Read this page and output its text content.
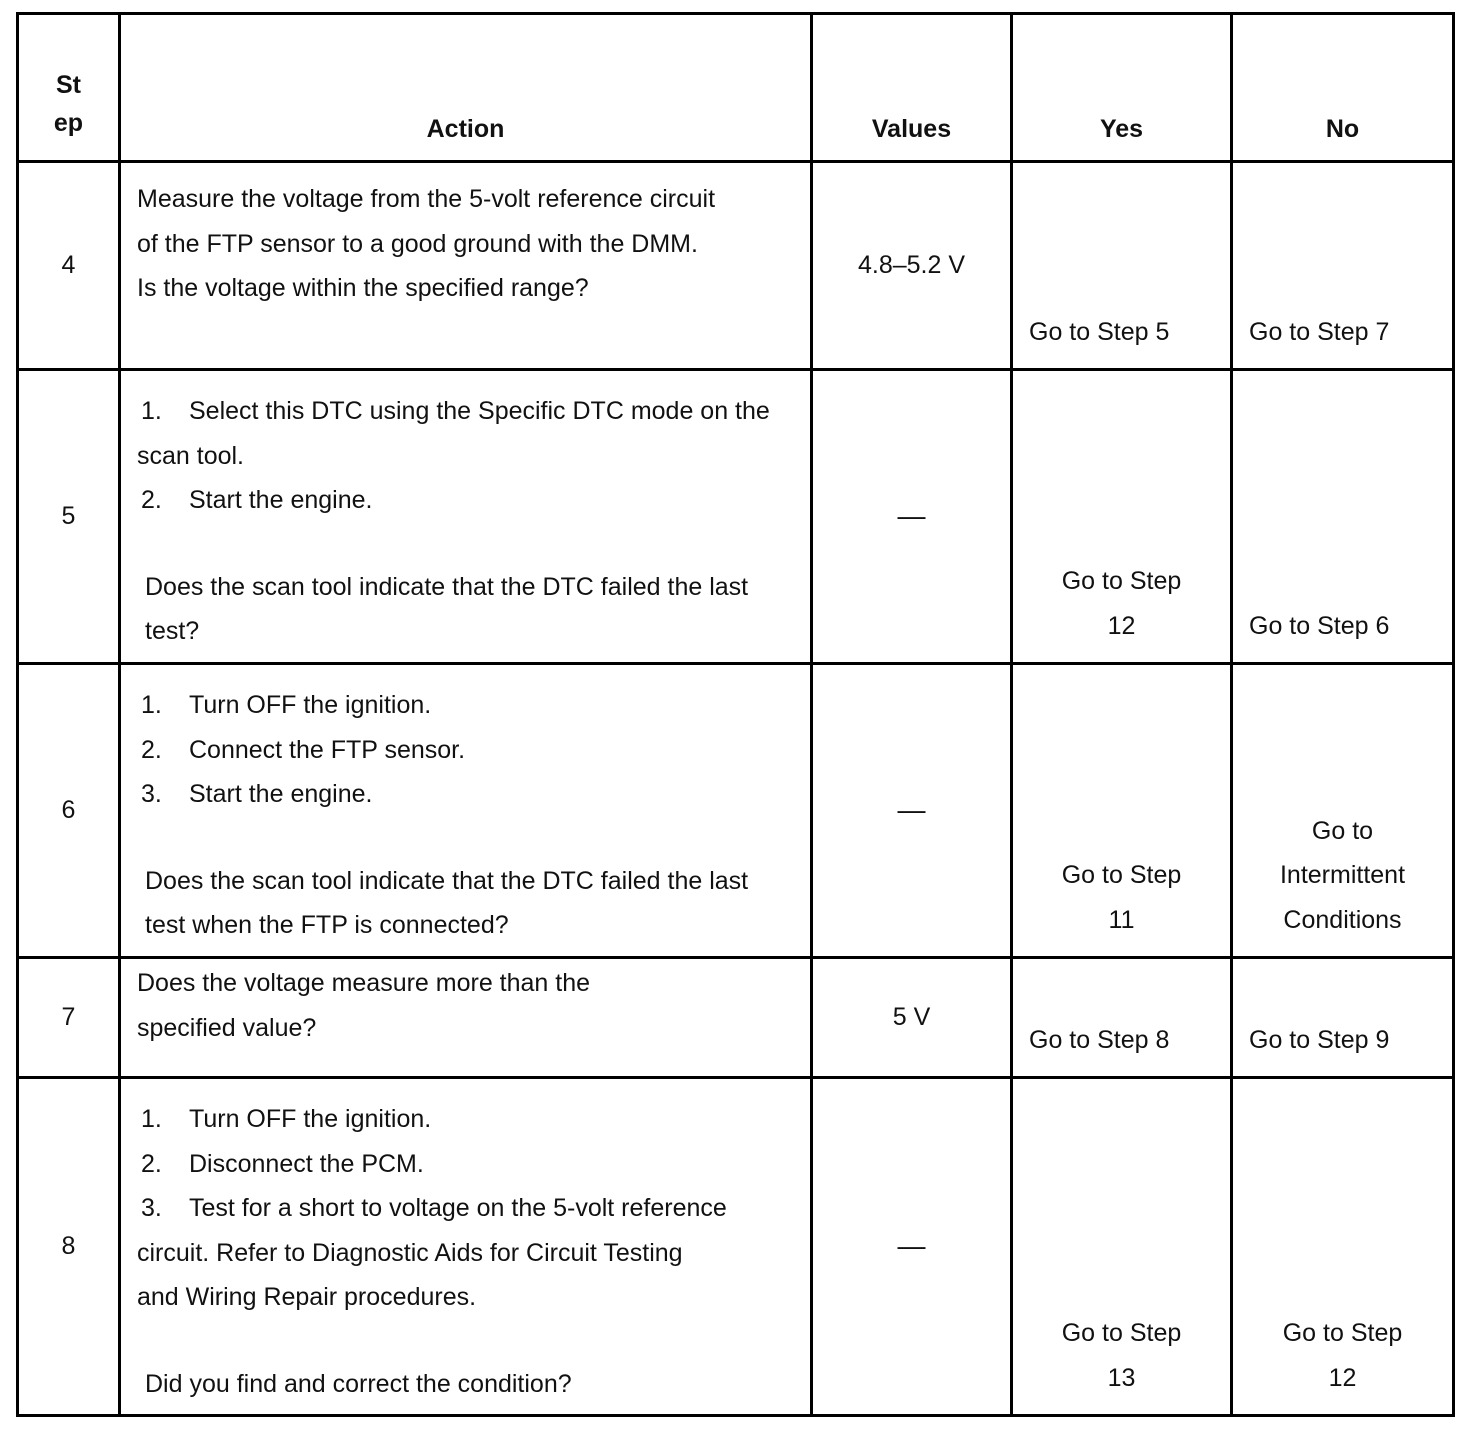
St
ep	Action	Values	Yes	No
4	Measure the voltage from the 5-volt reference circuit of the FTP sensor to a good ground with the DMM. Is the voltage within the specified range?	4.8–5.2 V	Go to Step 5	Go to Step 7
5	1. Select this DTC using the Specific DTC mode on the scan tool.

2. Start the engine.

Does the scan tool indicate that the DTC failed the last test?	—	Go to Step 12	Go to Step 6
6	1. Turn OFF the ignition.

2. Connect the FTP sensor.

3. Start the engine.

Does the scan tool indicate that the DTC failed the last test when the FTP is connected?	—	Go to Step 11	Go to Intermittent Conditions
7	Does the voltage measure more than the specified value?	5 V	Go to Step 8	Go to Step 9
8	1. Turn OFF the ignition.

2. Disconnect the PCM.

3. Test for a short to voltage on the 5-volt reference circuit. Refer to Diagnostic Aids for Circuit Testing and Wiring Repair procedures.

Did you find and correct the condition?	—	Go to Step 13	Go to Step 12
